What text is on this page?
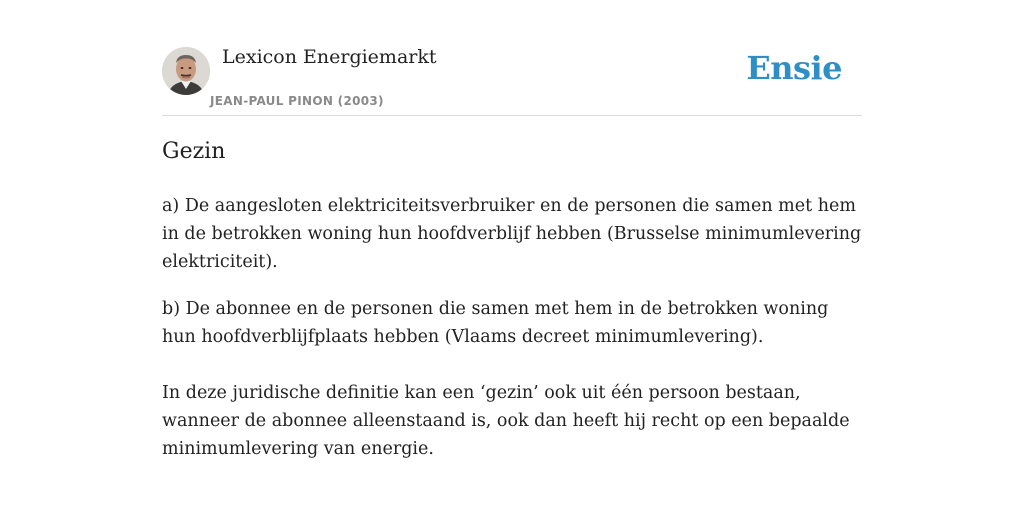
Lexicon Energiemarkt
JEAN-PAUL PINON (2003)
Ensie
Gezin

a) De aangesloten elektriciteitsverbruiker en de personen die samen met hem in de betrokken woning hun hoofdverblijf hebben (Brusselse minimumlevering elektriciteit).

b) De abonnee en de personen die samen met hem in de betrokken woning hun hoofdverblijfplaats hebben (Vlaams decreet minimumlevering).

In deze juridische definitie kan een ‘gezin’ ook uit één persoon bestaan, wanneer de abonnee alleenstaand is, ook dan heeft hij recht op een bepaalde minimumlevering van energie.
